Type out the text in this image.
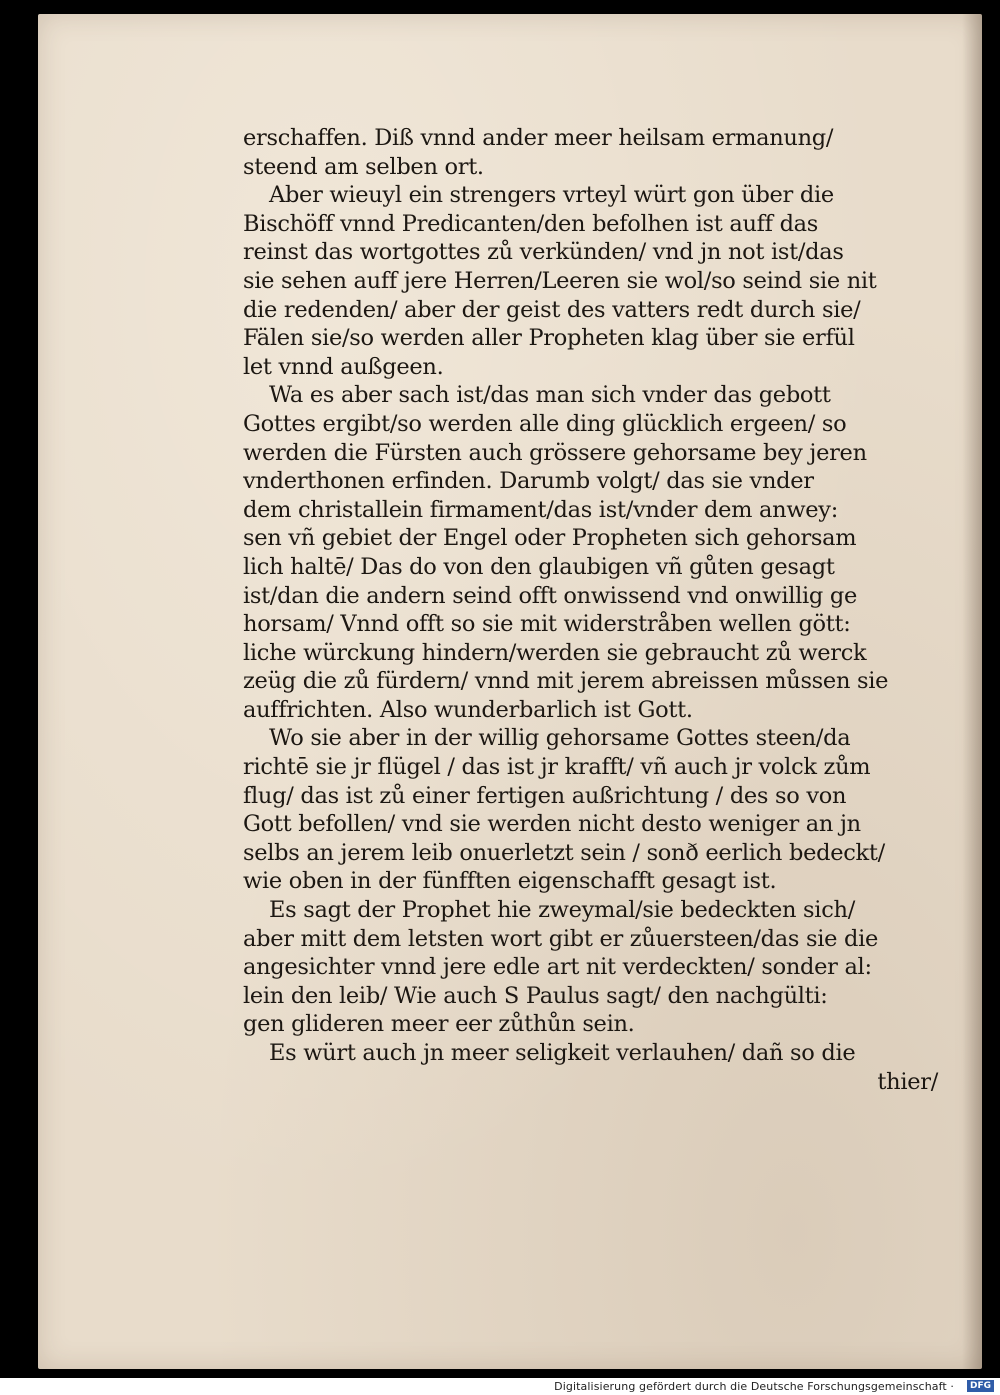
erschaffen. Diß vnnd ander meer heilsam ermanung/
steend am selben ort.
Aber wieuyl ein strengers vrteyl würt gon über die
Bischöff vnnd Predicanten/den befolhen ist auff das
reinst das wortgottes zů verkünden/ vnd jn not ist/das
sie sehen auff jere Herren/Leeren sie wol/so seind sie nit
die redenden/ aber der geist des vatters redt durch sie/
Fälen sie/so werden aller Propheten klag über sie erfül
let vnnd außgeen.
Wa es aber sach ist/das man sich vnder das gebott
Gottes ergibt/so werden alle ding glücklich ergeen/ so
werden die Fürsten auch grössere gehorsame bey jeren
vnderthonen erfinden. Darumb volgt/ das sie vnder
dem christallein firmament/das ist/vnder dem anwey:
sen vñ gebiet der Engel oder Propheten sich gehorsam
lich haltē/ Das do von den glaubigen vñ gůten gesagt
ist/dan die andern seind offt onwissend vnd onwillig ge
horsam/ Vnnd offt so sie mit widerstråben wellen gött:
liche würckung hindern/werden sie gebraucht zů werck
zeüg die zů fürdern/ vnnd mit jerem abreissen můssen sie
auffrichten. Also wunderbarlich ist Gott.
Wo sie aber in der willig gehorsame Gottes steen/da
richtē sie jr flügel / das ist jr krafft/ vñ auch jr volck zům
flug/ das ist zů einer fertigen außrichtung / des so von
Gott befollen/ vnd sie werden nicht desto weniger an jn
selbs an jerem leib onuerletzt sein / sonð eerlich bedeckt/
wie oben in der fünfften eigenschafft gesagt ist.
Es sagt der Prophet hie zweymal/sie bedeckten sich/
aber mitt dem letsten wort gibt er zůuersteen/das sie die
angesichter vnnd jere edle art nit verdeckten/ sonder al:
lein den leib/ Wie auch S Paulus sagt/ den nachgülti:
gen glideren meer eer zůthůn sein.
Es würt auch jn meer seligkeit verlauhen/ dañ so die
thier/
Digitalisierung gefördert durch die Deutsche Forschungsgemeinschaft ·	DFG
